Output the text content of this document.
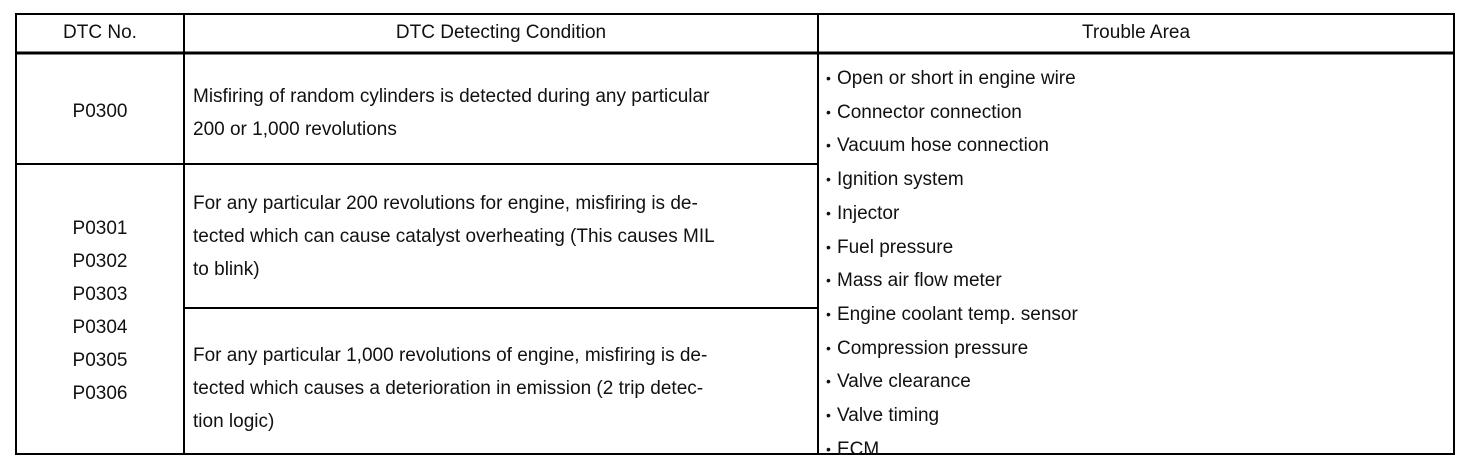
DTC No.	DTC Detecting Condition	Trouble Area
P0300
Misfiring of random cylinders is detected during any particular
200 or 1,000 revolutions
P0301
P0302
P0303
P0304
P0305
P0306
For any particular 200 revolutions for engine, misfiring is de-
tected which can cause catalyst overheating (This causes MIL
to blink)
For any particular 1,000 revolutions of engine, misfiring is de-
tected which causes a deterioration in emission (2 trip detec-
tion logic)
• Open or short in engine wire
• Connector connection
• Vacuum hose connection
• Ignition system
• Injector
• Fuel pressure
• Mass air flow meter
• Engine coolant temp. sensor
• Compression pressure
• Valve clearance
• Valve timing
• ECM
